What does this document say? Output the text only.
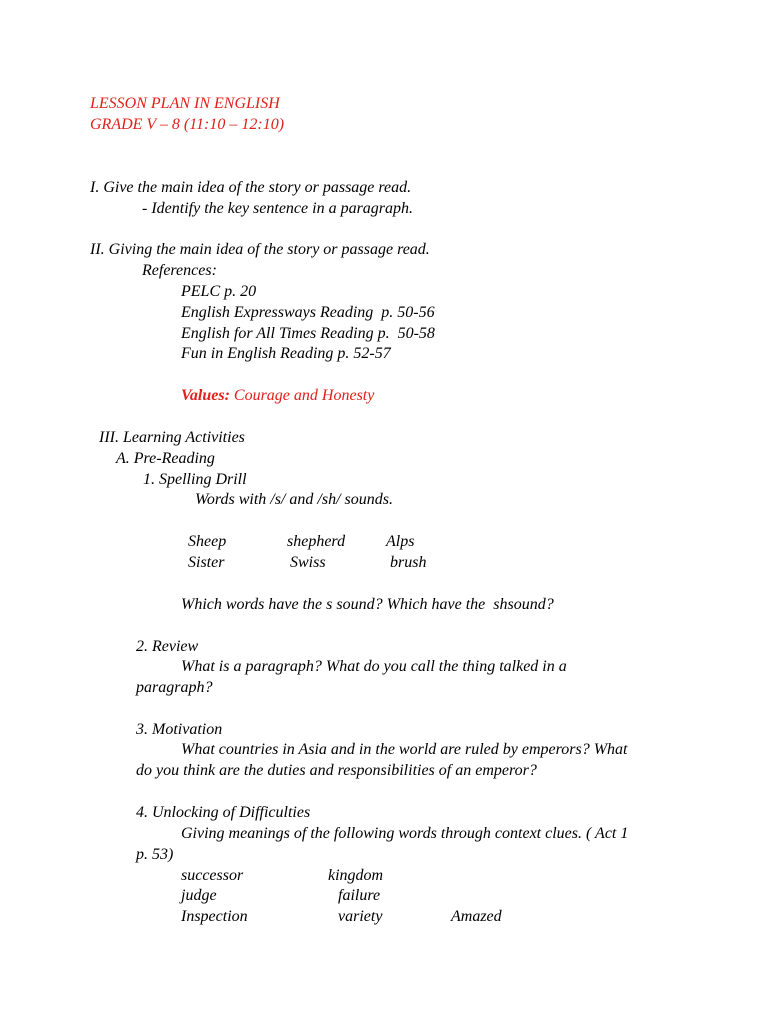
LESSON PLAN IN ENGLISH
GRADE V – 8 (11:10 – 12:10)
I. Give the main idea of the story or passage read.
- Identify the key sentence in a paragraph.
II. Giving the main idea of the story or passage read.
References:
PELC p. 20
English Expressways Reading  p. 50-56
English for All Times Reading p.  50-58
Fun in English Reading p. 52-57
Values: Courage and Honesty
III. Learning Activities
A. Pre-Reading
1. Spelling Drill
Words with /s/ and /sh/ sounds.
Sheep	shepherd	Alps
Sister	Swiss	brush
Which words have the s sound? Which have the  shsound?
2. Review
What is a paragraph? What do you call the thing talked in a
paragraph?
3. Motivation
What countries in Asia and in the world are ruled by emperors? What
do you think are the duties and responsibilities of an emperor?
4. Unlocking of Difficulties
Giving meanings of the following words through context clues. ( Act 1
p. 53)
successor	kingdom
judge	failure
Inspection	variety	Amazed
